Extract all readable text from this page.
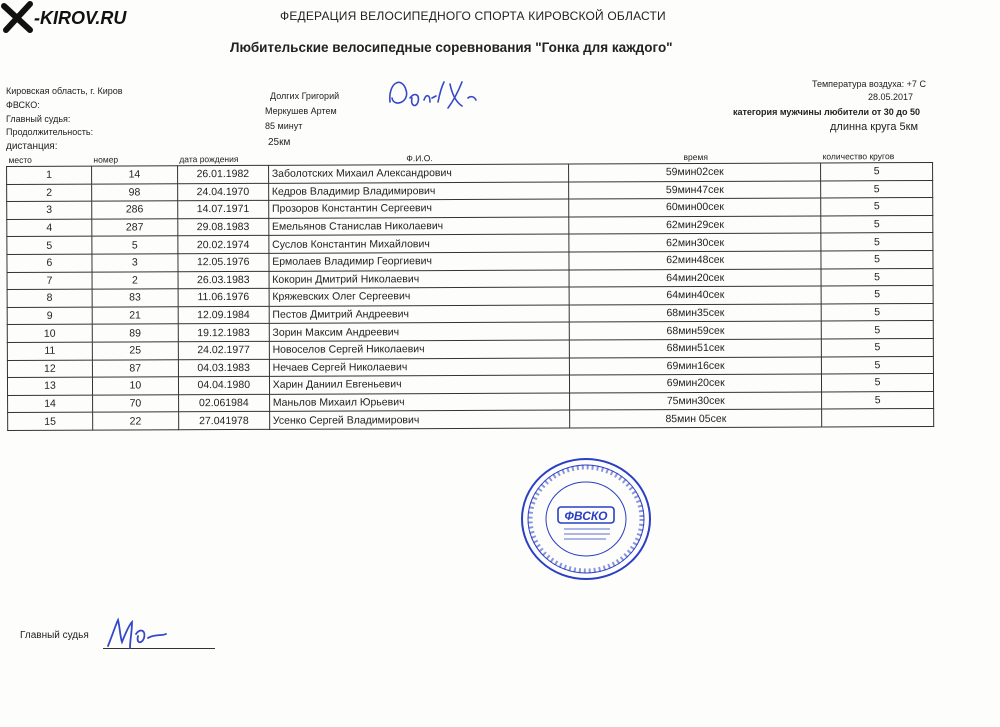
ФЕДЕРАЦИЯ ВЕЛОСИПЕДНОГО СПОРТА КИРОВСКОЙ ОБЛАСТИ
-KIROV.RU
Любительские велосипедные соревнования "Гонка для каждого"
Кировская область, г. Киров
ФВСКО:
Главный судья:
Продолжительность:
дистанция:
Долгих Григорий
Меркушев Артем
85 минут
25км
Температура воздуха: +7 С
28.05.2017
категория мужчины любители от 30 до 50
длинна круга 5км
место	номер	дата рождения	Ф.И.О.	время	количество кругов
1	14	26.01.1982	Заболотских Михаил Александрович	59мин02сек	5
2	98	24.04.1970	Кедров Владимир Владимирович	59мин47сек	5
3	286	14.07.1971	Прозоров Константин Сергеевич	60мин00сек	5
4	287	29.08.1983	Емельянов Станислав Николаевич	62мин29сек	5
5	5	20.02.1974	Суслов Константин Михайлович	62мин30сек	5
6	3	12.05.1976	Ермолаев Владимир Георгиевич	62мин48сек	5
7	2	26.03.1983	Кокорин Дмитрий Николаевич	64мин20сек	5
8	83	11.06.1976	Кряжевских Олег Сергеевич	64мин40сек	5
9	21	12.09.1984	Пестов Дмитрий Андреевич	68мин35сек	5
10	89	19.12.1983	Зорин Максим Андреевич	68мин59сек	5
11	25	24.02.1977	Новоселов Сергей Николаевич	68мин51сек	5
12	87	04.03.1983	Нечаев Сергей Николаевич	69мин16сек	5
13	10	04.04.1980	Харин Даниил Евгеньевич	69мин20сек	5
14	70	02.061984	Маньлов Михаил Юрьевич	75мин30сек	5
15	22	27.041978	Усенко Сергей Владимирович	85мин 05сек	
ФВСКО
Главный судья
